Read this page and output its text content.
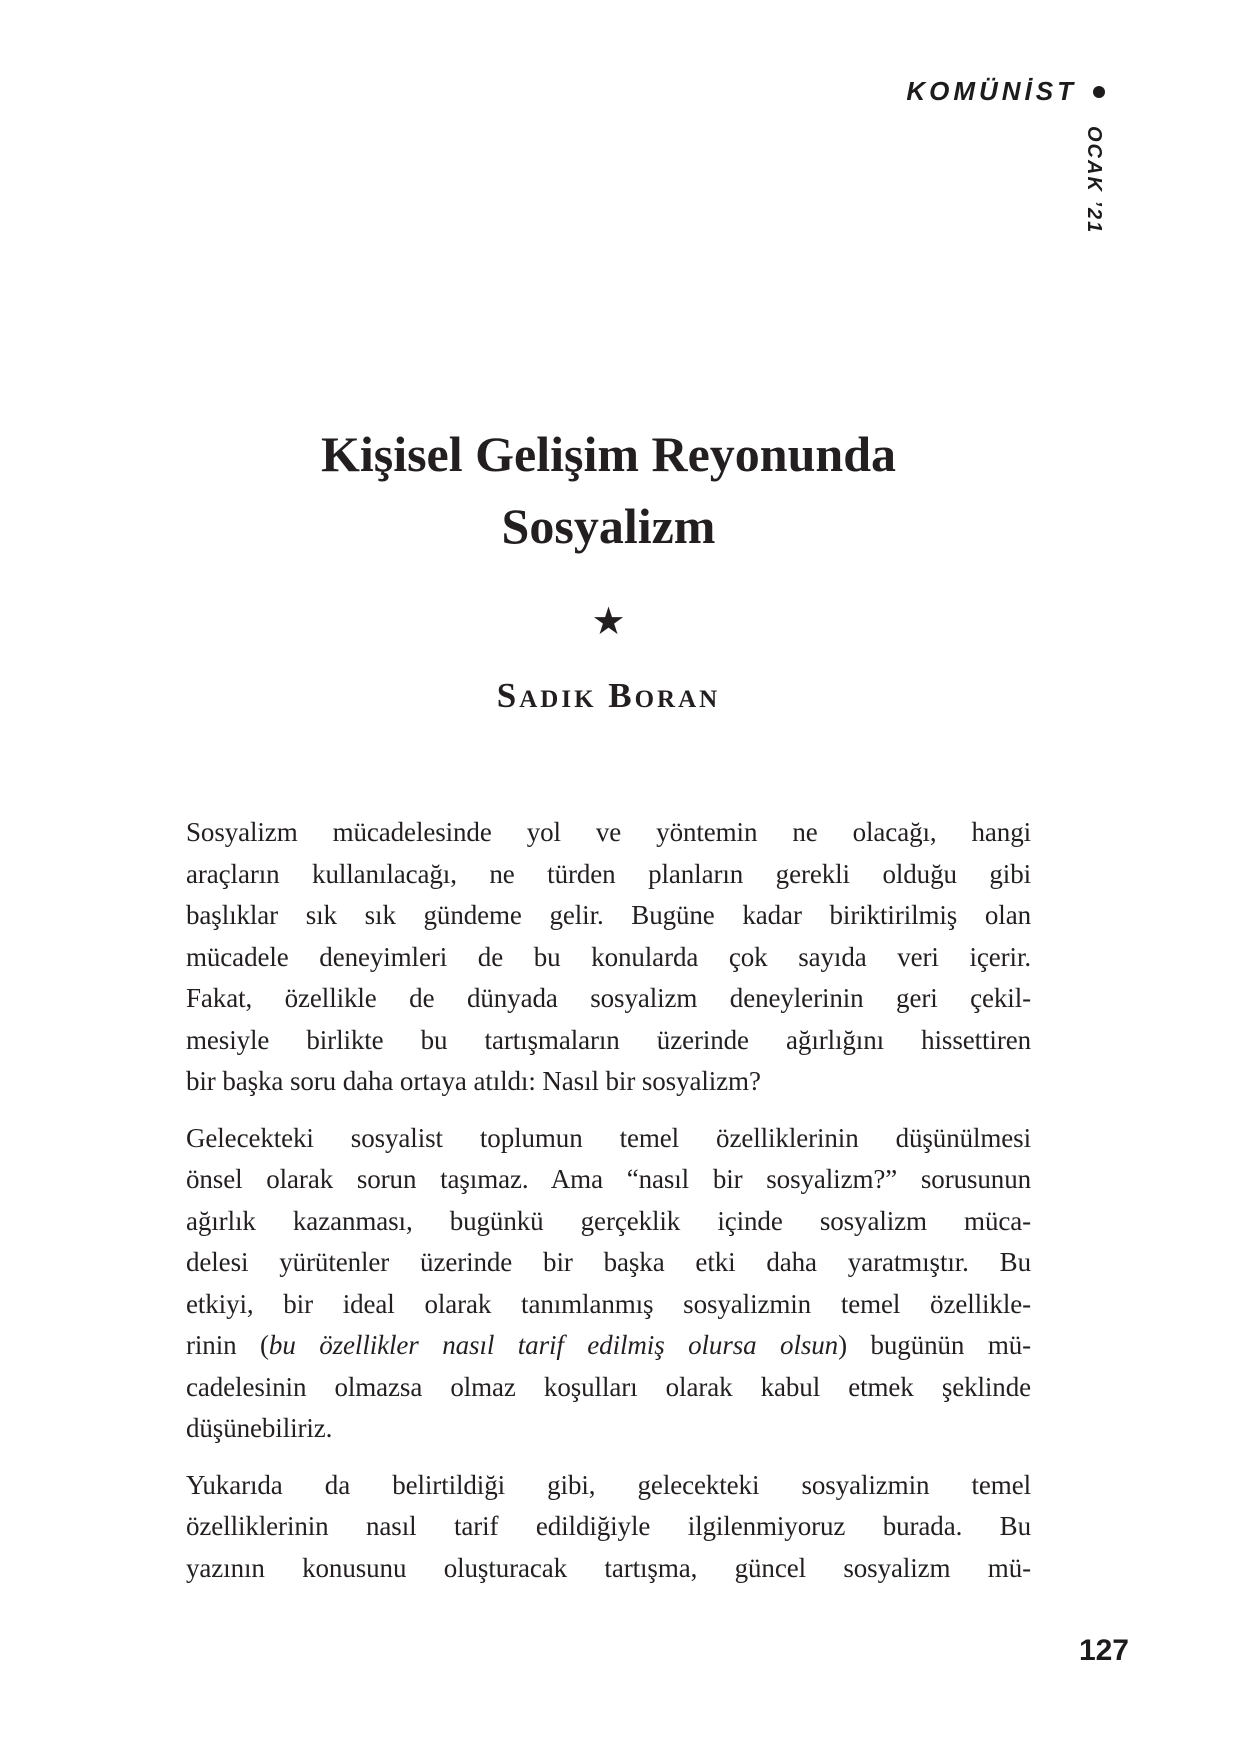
KOMÜNİST
OCAK ’21
Kişisel Gelişim Reyonunda
Sosyalizm
★
Sadık Boran
Sosyalizm mücadelesinde yol ve yöntemin ne olacağı, hangi
araçların kullanılacağı, ne türden planların gerekli olduğu gibi
başlıklar sık sık gündeme gelir. Bugüne kadar biriktirilmiş olan
mücadele deneyimleri de bu konularda çok sayıda veri içerir.
Fakat, özellikle de dünyada sosyalizm deneylerinin geri çekil-
mesiyle birlikte bu tartışmaların üzerinde ağırlığını hissettiren
bir başka soru daha ortaya atıldı: Nasıl bir sosyalizm?
Gelecekteki sosyalist toplumun temel özelliklerinin düşünülmesi
önsel olarak sorun taşımaz. Ama “nasıl bir sosyalizm?” sorusunun
ağırlık kazanması, bugünkü gerçeklik içinde sosyalizm müca-
delesi yürütenler üzerinde bir başka etki daha yaratmıştır. Bu
etkiyi, bir ideal olarak tanımlanmış sosyalizmin temel özellikle-
rinin (bu özellikler nasıl tarif edilmiş olursa olsun) bugünün mü-
cadelesinin olmazsa olmaz koşulları olarak kabul etmek şeklinde
düşünebiliriz.
Yukarıda da belirtildiği gibi, gelecekteki sosyalizmin temel
özelliklerinin nasıl tarif edildiğiyle ilgilenmiyoruz burada. Bu
yazının konusunu oluşturacak tartışma, güncel sosyalizm mü-
127
